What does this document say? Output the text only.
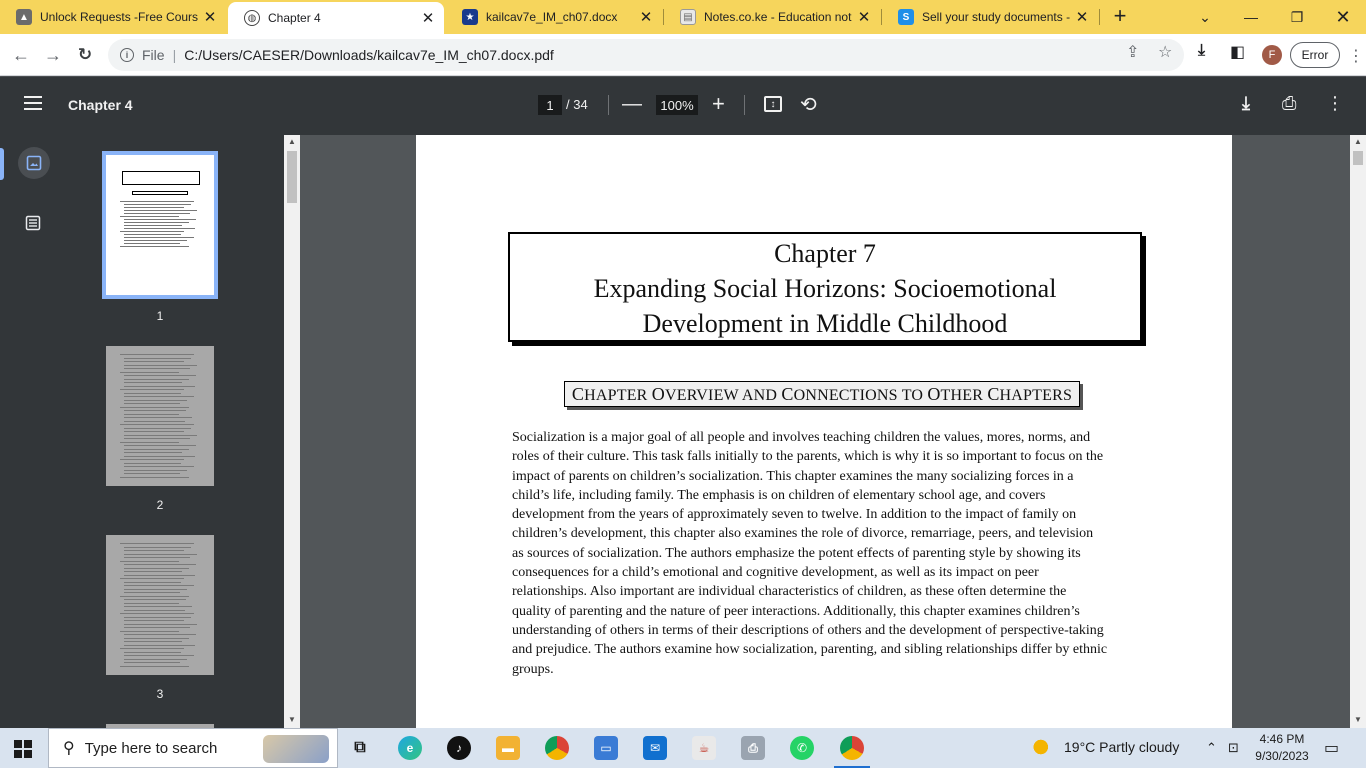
▲ Unlock Requests -Free Cours ✕	◍ Chapter 4	✕	★ kailcav7e_IM_ch07.docx	✕	▤ Notes.co.ke - Education not ✕	S	Sell your study documents - ✕ +	⌄	—	❐	✕
← → ↻	i File | C:/Users/CAESER/Downloads/kailcav7e_IM_ch07.docx.pdf	⇪ ☆ ⤓ ◧	F	Error	⋮
Chapter 4	1 / 34 —	100% +	↕	⟲	⤓ ⎙ ⋮
1
2
3
▲
▼
Chapter 7
Expanding Social Horizons: Socioemotional
Development in Middle Childhood
CHAPTER OVERVIEW AND CONNECTIONS TO OTHER CHAPTERS
Socialization is a major goal of all people and involves teaching children the values, mores, norms, and
roles of their culture. This task falls initially to the parents, which is why it is so important to focus on the
impact of parents on children’s socialization. This chapter examines the many socializing forces in a
child’s life, including family. The emphasis is on children of elementary school age, and covers
development from the years of approximately seven to twelve. In addition to the impact of family on
children’s development, this chapter also examines the role of divorce, remarriage, peers, and television
as sources of socialization. The authors emphasize the potent effects of parenting style by showing its
consequences for a child’s emotional and cognitive development, as well as its impact on peer
relationships. Also important are individual characteristics of children, as these often determine the
quality of parenting and the nature of peer interactions. Additionally, this chapter examines children’s
understanding of others in terms of their descriptions of others and the development of perspective-taking
and prejudice. The authors examine how socialization, parenting, and sibling relationships differ by ethnic
groups.
▲
▼
⚲ Type here to search	⧉	e	♪	▬	▭	✉	☕	⎙	✆	19°C Partly cloudy ⌃ ⊡
4:46 PM
9/30/2023 ▭
